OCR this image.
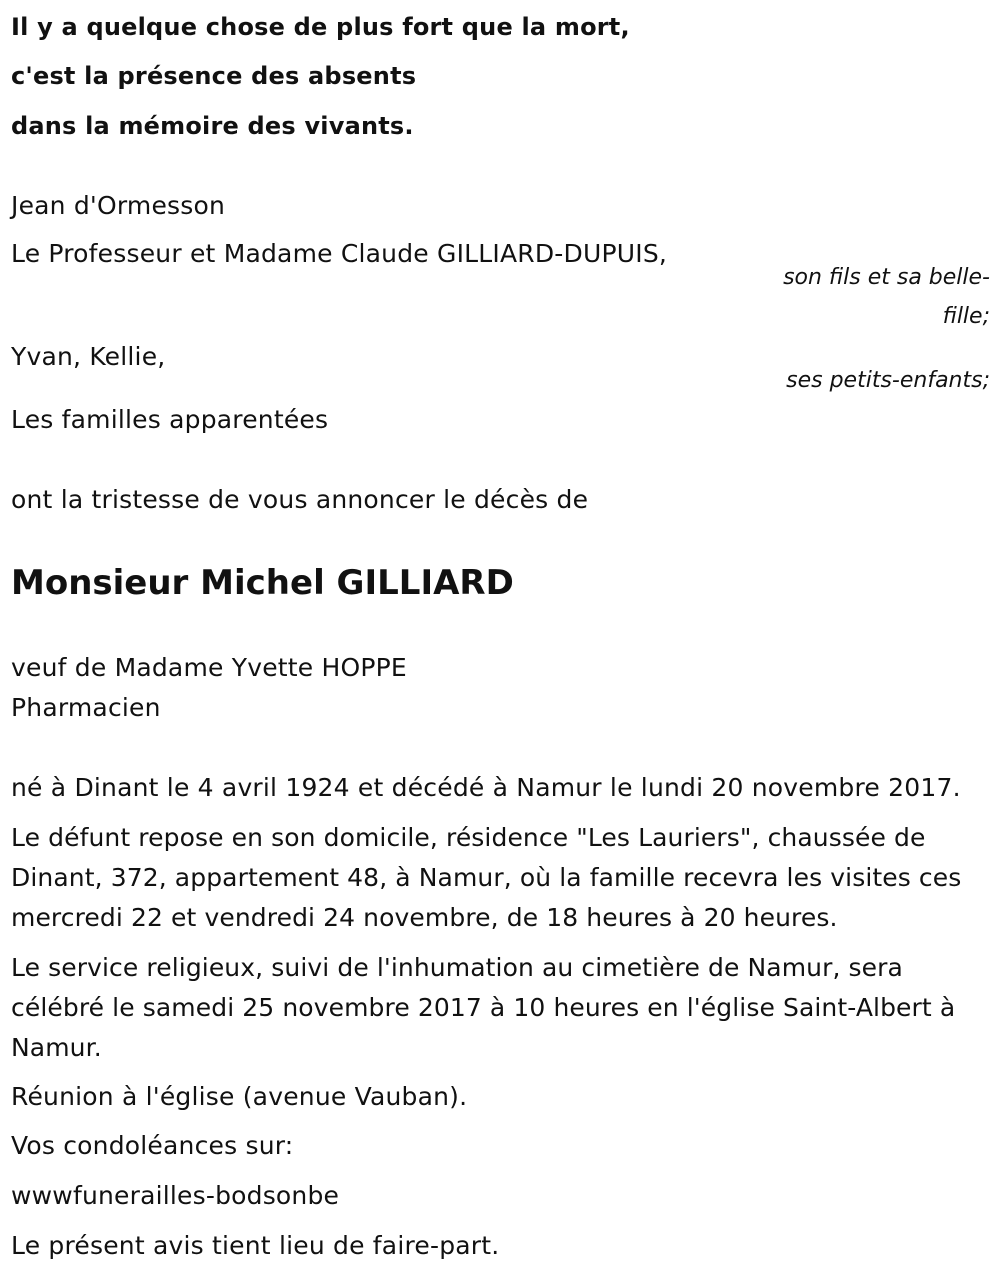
Il y a quelque chose de plus fort que la mort,
c'est la présence des absents
dans la mémoire des vivants.
Jean d'Ormesson
Le Professeur et Madame Claude GILLIARD-DUPUIS,
son fils et sa belle-
fille;
Yvan, Kellie,
ses petits-enfants;
Les familles apparentées
ont la tristesse de vous annoncer le décès de
Monsieur Michel GILLIARD
veuf de Madame Yvette HOPPE
Pharmacien
né à Dinant le 4 avril 1924 et décédé à Namur le lundi 20 novembre 2017.
Le défunt repose en son domicile, résidence "Les Lauriers", chaussée de Dinant, 372, appartement 48, à Namur, où la famille recevra les visites ces mercredi 22 et vendredi 24 novembre, de 18 heures à 20 heures.
Le service religieux, suivi de l'inhumation au cimetière de Namur, sera célébré le samedi 25 novembre 2017 à 10 heures en l'église Saint-Albert à Namur.
Réunion à l'église (avenue Vauban).
Vos condoléances sur:
wwwfunerailles-bodsonbe
Le présent avis tient lieu de faire-part.
